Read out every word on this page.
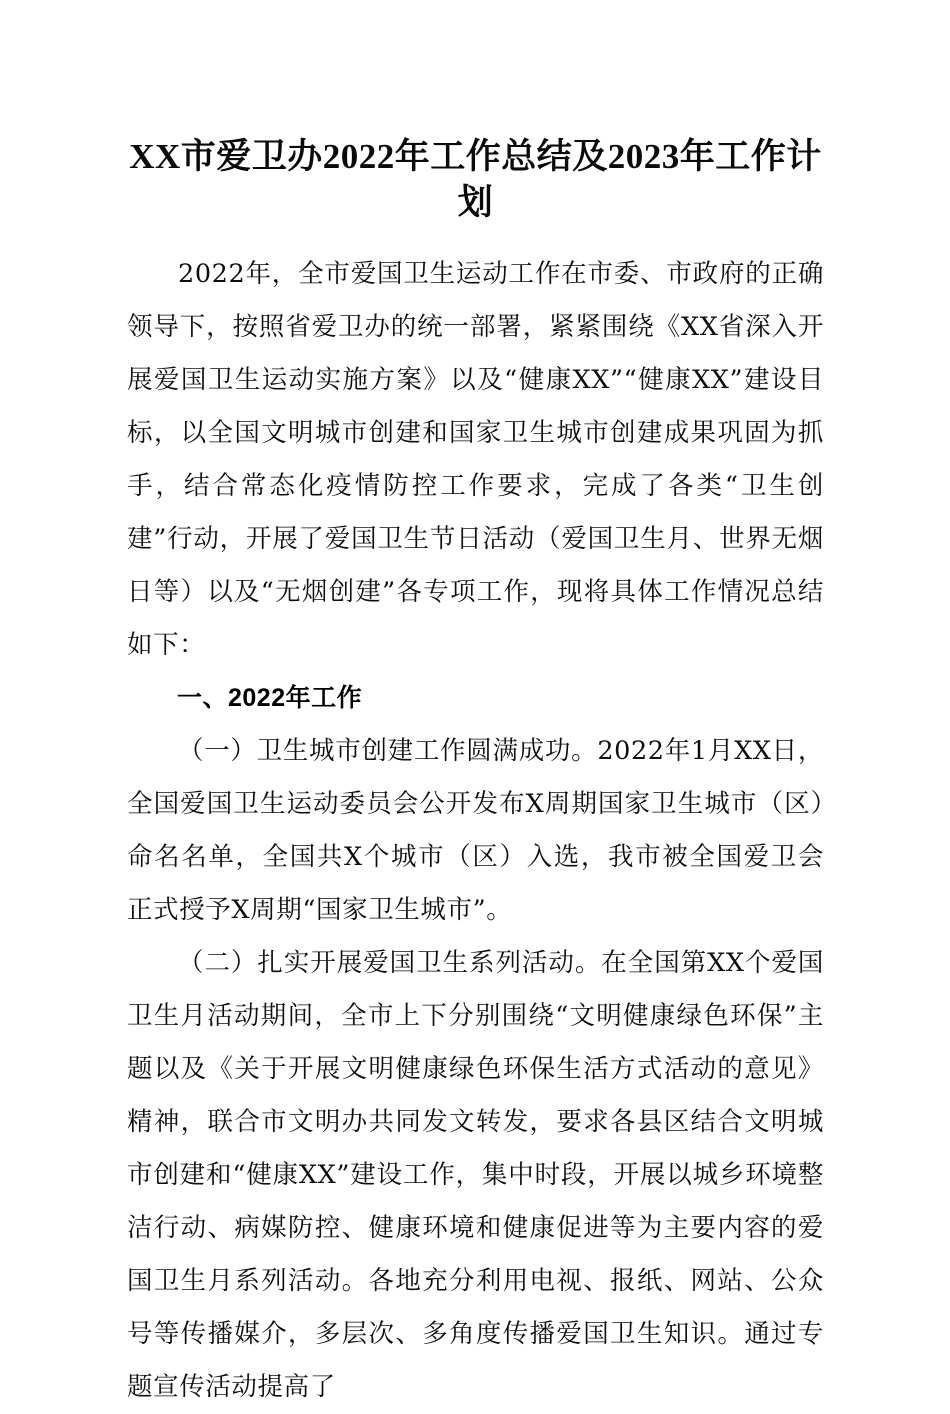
XX市爱卫办2022年工作总结及2023年工作计划

2022年，全市爱国卫生运动工作在市委、市政府的正确领导下，按照省爱卫办的统一部署，紧紧围绕《XX省深入开展爱国卫生运动实施方案》以及“健康XX”“健康XX”建设目标，以全国文明城市创建和国家卫生城市创建成果巩固为抓手，结合常态化疫情防控工作要求，完成了各类“卫生创建”行动，开展了爱国卫生节日活动（爱国卫生月、世界无烟日等）以及“无烟创建”各专项工作，现将具体工作情况总结如下：

一、2022年工作

（一）卫生城市创建工作圆满成功。2022年1月XX日，全国爱国卫生运动委员会公开发布X周期国家卫生城市（区）命名名单，全国共X个城市（区）入选，我市被全国爱卫会正式授予X周期“国家卫生城市”。

（二）扎实开展爱国卫生系列活动。在全国第XX个爱国卫生月活动期间，全市上下分别围绕“文明健康绿色环保”主题以及《关于开展文明健康绿色环保生活方式活动的意见》精神，联合市文明办共同发文转发，要求各县区结合文明城市创建和“健康XX”建设工作，集中时段，开展以城乡环境整洁行动、病媒防控、健康环境和健康促进等为主要内容的爱国卫生月系列活动。各地充分利用电视、报纸、网站、公众号等传播媒介，多层次、多角度传播爱国卫生知识。通过专题宣传活动提高了
